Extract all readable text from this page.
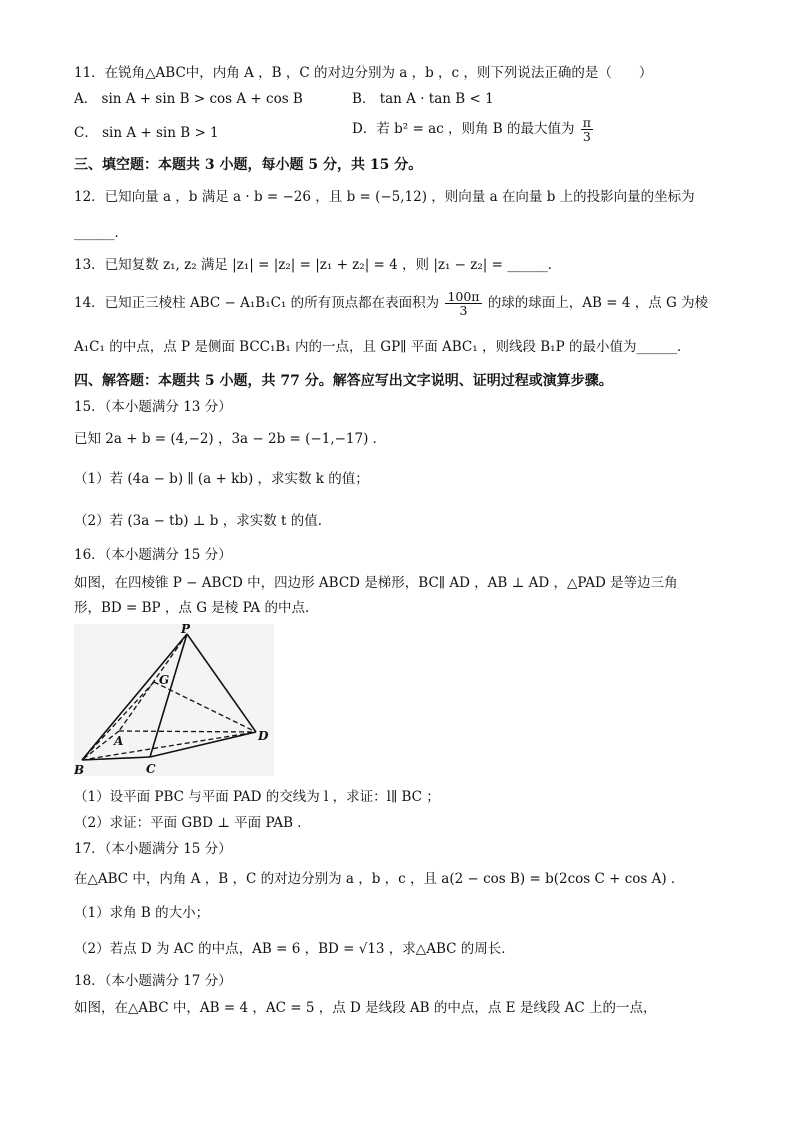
11．在锐角△ABC中，内角 A ，B ，C 的对边分别为 a ，b ，c ，则下列说法正确的是（　　）
A． sin A + sin B > cos A + cos B	B． tan A · tan B < 1
C． sin A + sin B > 1	D．若 b² = ac ，则角 B 的最大值为 $\frac{\pi}{3}$
三、填空题：本题共 3 小题，每小题 5 分，共 15 分。
12．已知向量 a ，b 满足 a · b = −26 ，且 b = (−5,12) ，则向量 a 在向量 b 上的投影向量的坐标为
______．
13．已知复数 z₁, z₂ 满足 |z₁| = |z₂| = |z₁ + z₂| = 4 ，则 |z₁ − z₂| = ______．
14．已知正三棱柱 ABC − A₁B₁C₁ 的所有顶点都在表面积为 $\frac{100\pi}{3}$ 的球的球面上，AB = 4 ，点 G 为棱
A₁C₁ 的中点，点 P 是侧面 BCC₁B₁ 内的一点，且 GP∥ 平面 ABC₁ ，则线段 B₁P 的最小值为______．
四、解答题：本题共 5 小题，共 77 分。解答应写出文字说明、证明过程或演算步骤。
15．（本小题满分 13 分）
已知 2a + b = (4,−2) ，3a − 2b = (−1,−17) ．
（1）若 (4a − b) ∥ (a + kb) ，求实数 k 的值；
（2）若 (3a − tb) ⊥ b ，求实数 t 的值．
16．（本小题满分 15 分）
如图，在四棱锥 P − ABCD 中，四边形 ABCD 是梯形，BC∥ AD ，AB ⊥ AD ，△PAD 是等边三角
形，BD = BP ，点 G 是棱 PA 的中点．
P
G
A
B	C
D
（1）设平面 PBC 与平面 PAD 的交线为 l ，求证：l∥ BC ；
（2）求证：平面 GBD ⊥ 平面 PAB ．
17．（本小题满分 15 分）
在△ABC 中，内角 A ，B ，C 的对边分别为 a ，b ，c ，且 a(2 − cos B) = b(2cos C + cos A) ．
（1）求角 B 的大小；
（2）若点 D 为 AC 的中点，AB = 6 ，BD = √13 ，求△ABC 的周长．
18．（本小题满分 17 分）
如图，在△ABC 中，AB = 4 ，AC = 5 ，点 D 是线段 AB 的中点，点 E 是线段 AC 上的一点，
